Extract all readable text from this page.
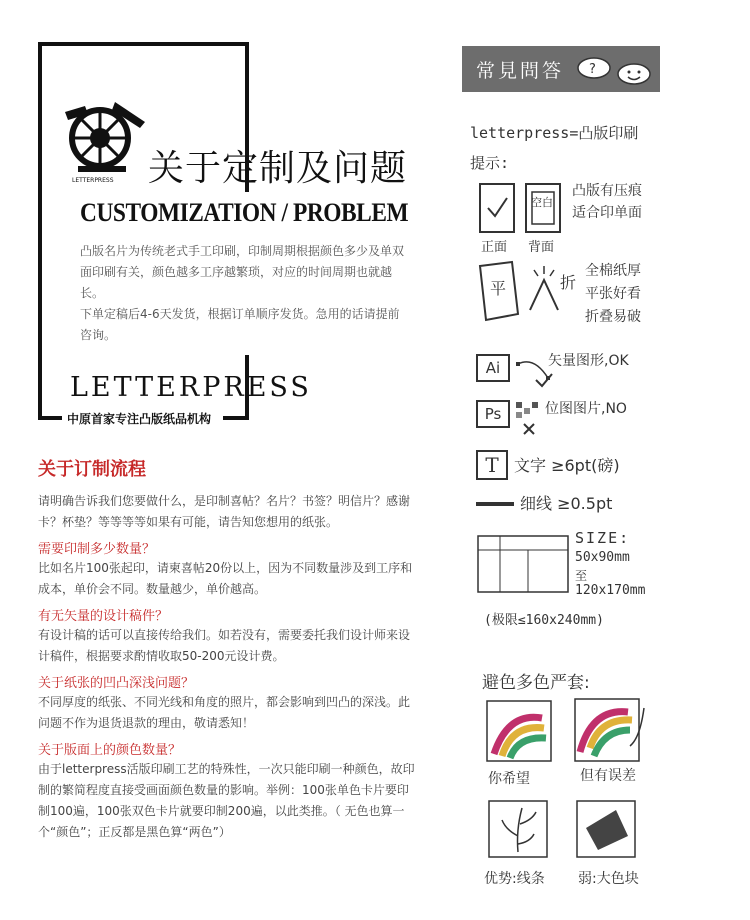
LETTERPRESS 关于定制及问题
CUSTOMIZATION / PROBLEM

凸版名片为传统老式手工印刷，印制周期根据颜色多少及单双面印刷有关，颜色越多工序越繁琐，对应的时间周期也就越长。

下单定稿后4-6天发货，根据订单顺序发货。急用的话请提前咨询。

LETTERPRESS
中原首家专注凸版纸品机构
关于订制流程

请明确告诉我们您要做什么，是印制喜帖？名片？书签？明信片？感谢卡？杯垫？等等等等如果有可能，请告知您想用的纸张。

需要印制多少数量？

比如名片100张起印，请柬喜帖20份以上，因为不同数量涉及到工序和成本，单价会不同。数量越少，单价越高。

有无矢量的设计稿件？

有设计稿的话可以直接传给我们。如若没有，需要委托我们设计师来设计稿件，根据要求酌情收取50-200元设计费。

关于纸张的凹凸深浅问题？

不同厚度的纸张、不同光线和角度的照片，都会影响到凹凸的深浅。此问题不作为退货退款的理由，敬请悉知！

关于版面上的颜色数量？

由于letterpress活版印刷工艺的特殊性，一次只能印刷一种颜色，故印制的繁简程度直接受画面颜色数量的影响。举例：100张单色卡片要印制100遍，100张双色卡片就要印制200遍，以此类推。（ 无色也算一个“颜色”；正反都是黑色算“两色”）

常見問答 ?
letterpress=凸版印刷
提示:
空白
正面 背面
凸版有压痕
适合印单面
平	折
全棉纸厚
平张好看
折叠易破
Ai	矢量图形,OK
Ps	位图图片,NO
T 文字 ≥6pt(磅)
细线 ≥0.5pt
SIZE:
50x90mm
至
120x170mm
(极限≤160x240mm)
避色多色严套:
你希望	但有误差
优势:线条 弱:大色块
